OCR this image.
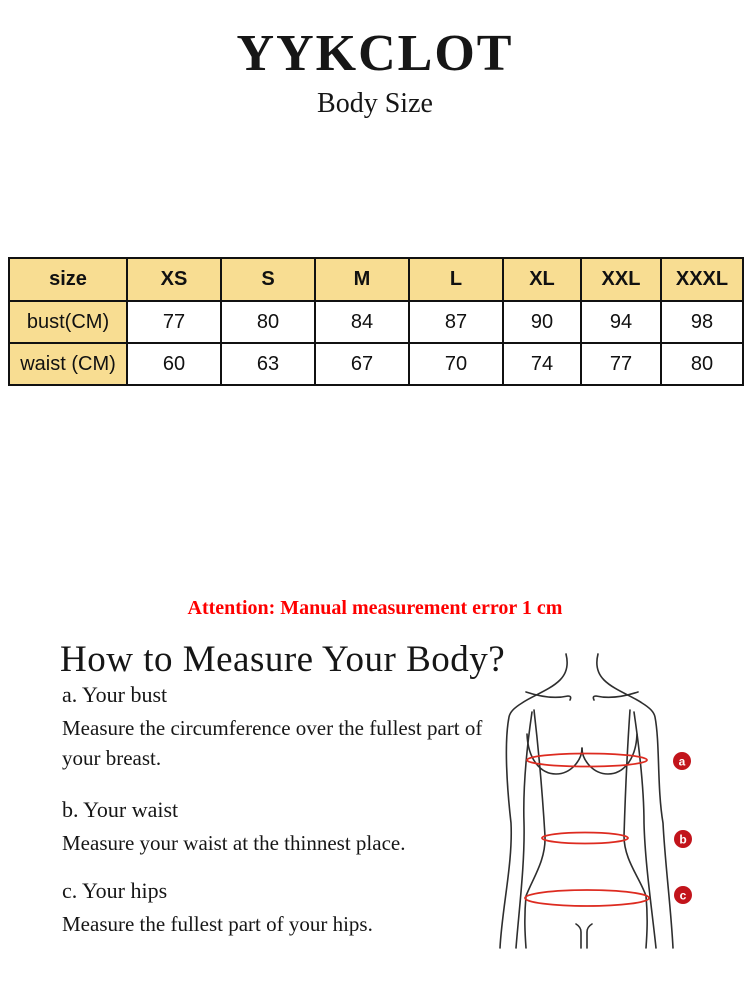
YYKCLOT
Body Size
size	XS	S	M	L	XL	XXL	XXXL
bust(CM)	77	80	84	87	90	94	98
waist (CM)	60	63	67	70	74	77	80
Attention: Manual measurement error 1 cm
How to Measure Your Body?
a. Your bust
Measure the circumference over the fullest part of your breast.
b. Your waist
Measure your waist at the thinnest place.
c. Your hips
Measure the fullest part of your hips.
a
b
c
